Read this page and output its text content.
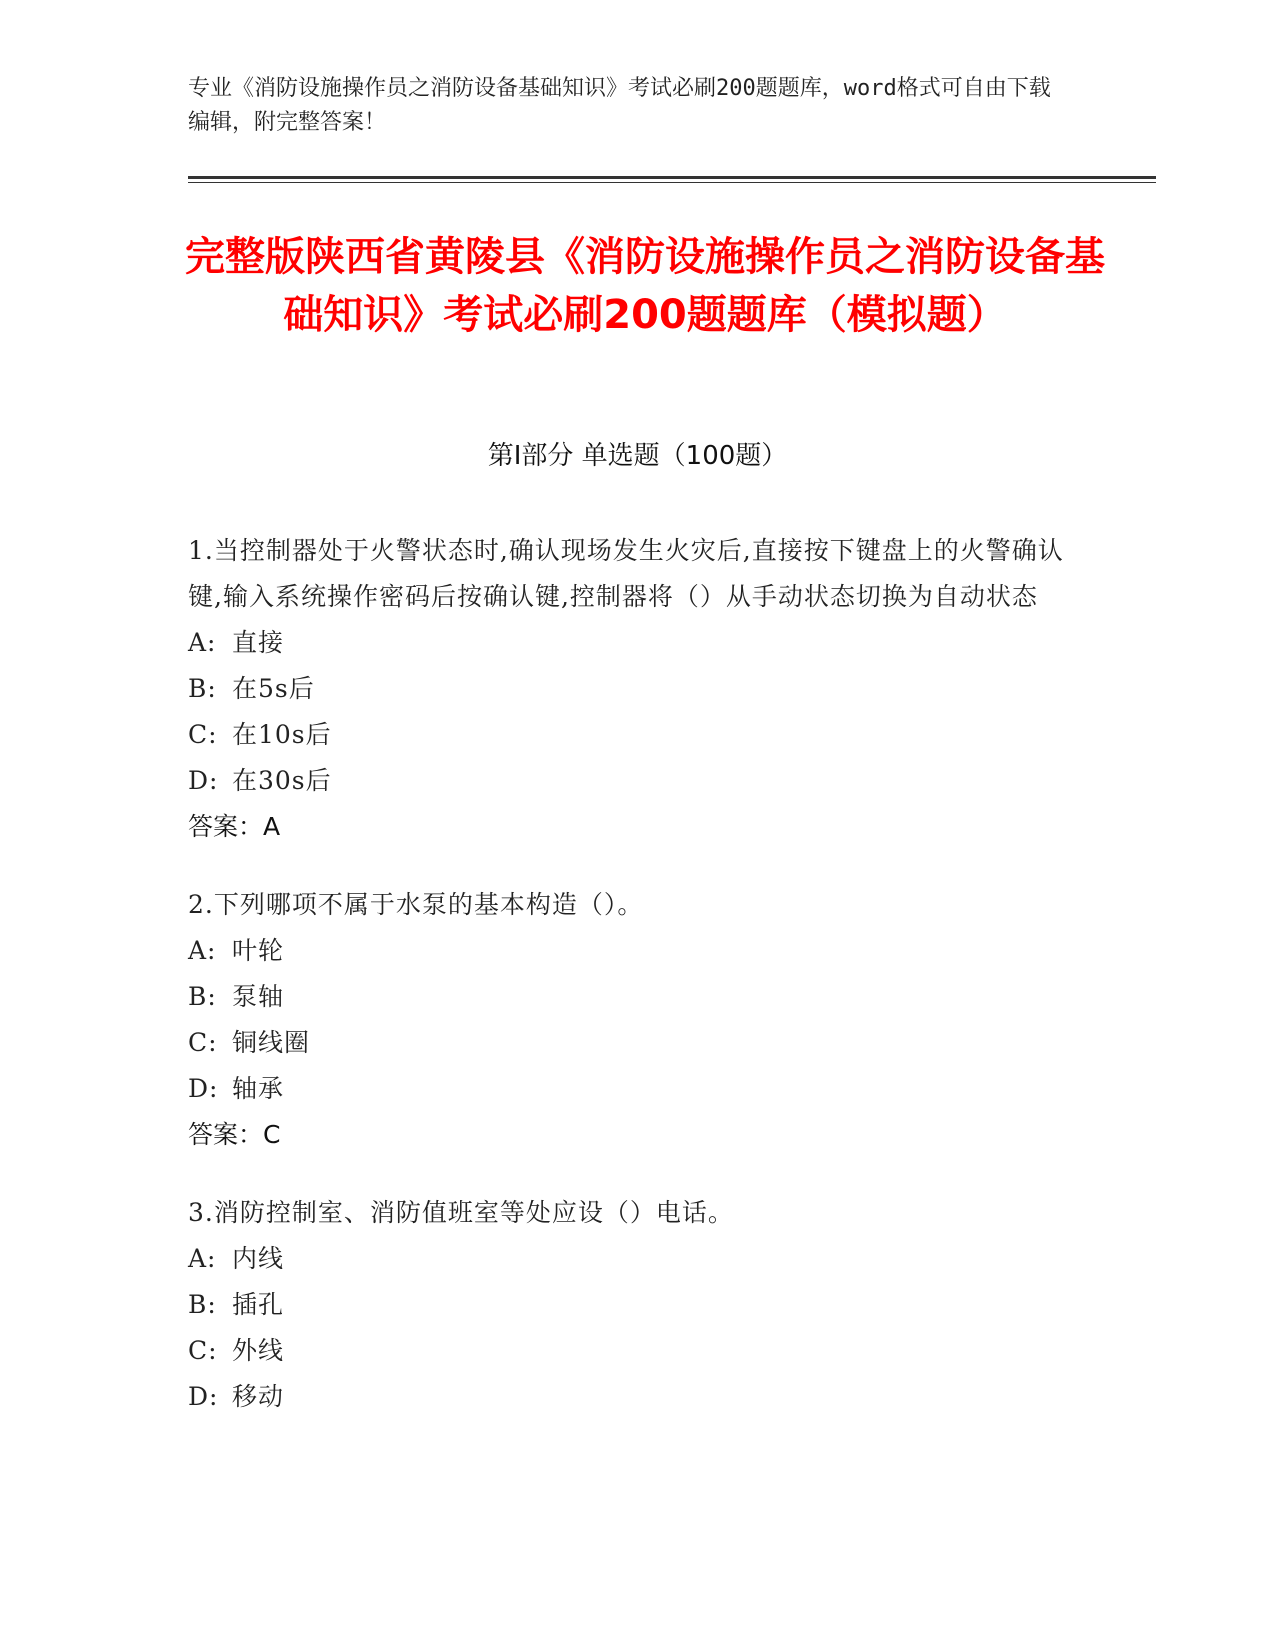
专业《消防设施操作员之消防设备基础知识》考试必刷200题题库，word格式可自由下载编辑，附完整答案！
完整版陕西省黄陵县《消防设施操作员之消防设备基础知识》考试必刷200题题库（模拟题）
第I部分 单选题（100题）
1.当控制器处于火警状态时,确认现场发生火灾后,直接按下键盘上的火警确认键,输入系统操作密码后按确认键,控制器将（）从手动状态切换为自动状态
A: 直接
B: 在5s后
C: 在10s后
D: 在30s后
答案：A
2.下列哪项不属于水泵的基本构造（）。
A: 叶轮
B: 泵轴
C: 铜线圈
D: 轴承
答案：C
3.消防控制室、消防值班室等处应设（）电话。
A: 内线
B: 插孔
C: 外线
D: 移动
